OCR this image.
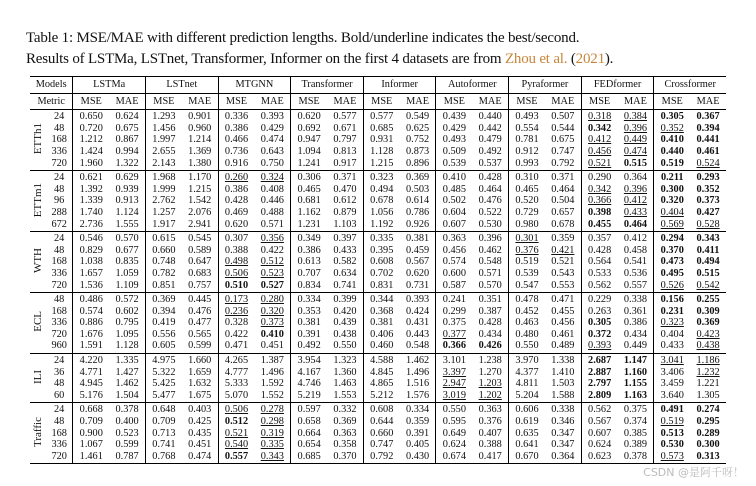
Table 1: MSE/MAE with different prediction lengths. Bold/underline indicates the best/second.
Results of LSTMa, LSTnet, Transformer, Informer on the first 4 datasets are from Zhou et al. (2021).
Models		LSTMa		LSTnet		MTGNN		Transformer		Informer		Autoformer		Pyraformer		FEDformer		Crossformer	
Metric		MSE	MAE	MSE	MAE	MSE	MAE	MSE	MAE	MSE	MAE	MSE	MAE	MSE	MAE	MSE	MAE	MSE	MAE
ETTh1	24	0.650	0.624	1.293	0.901	0.336	0.393	0.620	0.577	0.577	0.549	0.439	0.440	0.493	0.507	0.318	0.384	0.305	0.367
	48	0.720	0.675	1.456	0.960	0.386	0.429	0.692	0.671	0.685	0.625	0.429	0.442	0.554	0.544	0.342	0.396	0.352	0.394
	168	1.212	0.867	1.997	1.214	0.466	0.474	0.947	0.797	0.931	0.752	0.493	0.479	0.781	0.675	0.412	0.449	0.410	0.441
	336	1.424	0.994	2.655	1.369	0.736	0.643	1.094	0.813	1.128	0.873	0.509	0.492	0.912	0.747	0.456	0.474	0.440	0.461
	720	1.960	1.322	2.143	1.380	0.916	0.750	1.241	0.917	1.215	0.896	0.539	0.537	0.993	0.792	0.521	0.515	0.519	0.524
ETTm1	24	0.621	0.629	1.968	1.170	0.260	0.324	0.306	0.371	0.323	0.369	0.410	0.428	0.310	0.371	0.290	0.364	0.211	0.293
	48	1.392	0.939	1.999	1.215	0.386	0.408	0.465	0.470	0.494	0.503	0.485	0.464	0.465	0.464	0.342	0.396	0.300	0.352
	96	1.339	0.913	2.762	1.542	0.428	0.446	0.681	0.612	0.678	0.614	0.502	0.476	0.520	0.504	0.366	0.412	0.320	0.373
	288	1.740	1.124	1.257	2.076	0.469	0.488	1.162	0.879	1.056	0.786	0.604	0.522	0.729	0.657	0.398	0.433	0.404	0.427
	672	2.736	1.555	1.917	2.941	0.620	0.571	1.231	1.103	1.192	0.926	0.607	0.530	0.980	0.678	0.455	0.464	0.569	0.528
WTH	24	0.546	0.570	0.615	0.545	0.307	0.356	0.349	0.397	0.335	0.381	0.363	0.396	0.301	0.359	0.357	0.412	0.294	0.343
	48	0.829	0.677	0.660	0.589	0.388	0.422	0.386	0.433	0.395	0.459	0.456	0.462	0.376	0.421	0.428	0.458	0.370	0.411
	168	1.038	0.835	0.748	0.647	0.498	0.512	0.613	0.582	0.608	0.567	0.574	0.548	0.519	0.521	0.564	0.541	0.473	0.494
	336	1.657	1.059	0.782	0.683	0.506	0.523	0.707	0.634	0.702	0.620	0.600	0.571	0.539	0.543	0.533	0.536	0.495	0.515
	720	1.536	1.109	0.851	0.757	0.510	0.527	0.834	0.741	0.831	0.731	0.587	0.570	0.547	0.553	0.562	0.557	0.526	0.542
ECL	48	0.486	0.572	0.369	0.445	0.173	0.280	0.334	0.399	0.344	0.393	0.241	0.351	0.478	0.471	0.229	0.338	0.156	0.255
	168	0.574	0.602	0.394	0.476	0.236	0.320	0.353	0.420	0.368	0.424	0.299	0.387	0.452	0.455	0.263	0.361	0.231	0.309
	336	0.886	0.795	0.419	0.477	0.328	0.373	0.381	0.439	0.381	0.431	0.375	0.428	0.463	0.456	0.305	0.386	0.323	0.369
	720	1.676	1.095	0.556	0.565	0.422	0.410	0.391	0.438	0.406	0.443	0.377	0.434	0.480	0.461	0.372	0.434	0.404	0.423
	960	1.591	1.128	0.605	0.599	0.471	0.451	0.492	0.550	0.460	0.548	0.366	0.426	0.550	0.489	0.393	0.449	0.433	0.438
ILI	24	4.220	1.335	4.975	1.660	4.265	1.387	3.954	1.323	4.588	1.462	3.101	1.238	3.970	1.338	2.687	1.147	3.041	1.186
	36	4.771	1.427	5.322	1.659	4.777	1.496	4.167	1.360	4.845	1.496	3.397	1.270	4.377	1.410	2.887	1.160	3.406	1.232
	48	4.945	1.462	5.425	1.632	5.333	1.592	4.746	1.463	4.865	1.516	2.947	1.203	4.811	1.503	2.797	1.155	3.459	1.221
	60	5.176	1.504	5.477	1.675	5.070	1.552	5.219	1.553	5.212	1.576	3.019	1.202	5.204	1.588	2.809	1.163	3.640	1.305
Traffic	24	0.668	0.378	0.648	0.403	0.506	0.278	0.597	0.332	0.608	0.334	0.550	0.363	0.606	0.338	0.562	0.375	0.491	0.274
	48	0.709	0.400	0.709	0.425	0.512	0.298	0.658	0.369	0.644	0.359	0.595	0.376	0.619	0.346	0.567	0.374	0.519	0.295
	168	0.900	0.523	0.713	0.435	0.521	0.319	0.664	0.363	0.660	0.391	0.649	0.407	0.635	0.347	0.607	0.385	0.513	0.289
	336	1.067	0.599	0.741	0.451	0.540	0.335	0.654	0.358	0.747	0.405	0.624	0.388	0.641	0.347	0.624	0.389	0.530	0.300
	720	1.461	0.787	0.768	0.474	0.557	0.343	0.685	0.370	0.792	0.430	0.674	0.417	0.670	0.364	0.623	0.378	0.573	0.313
CSDN @是阿千呀！
